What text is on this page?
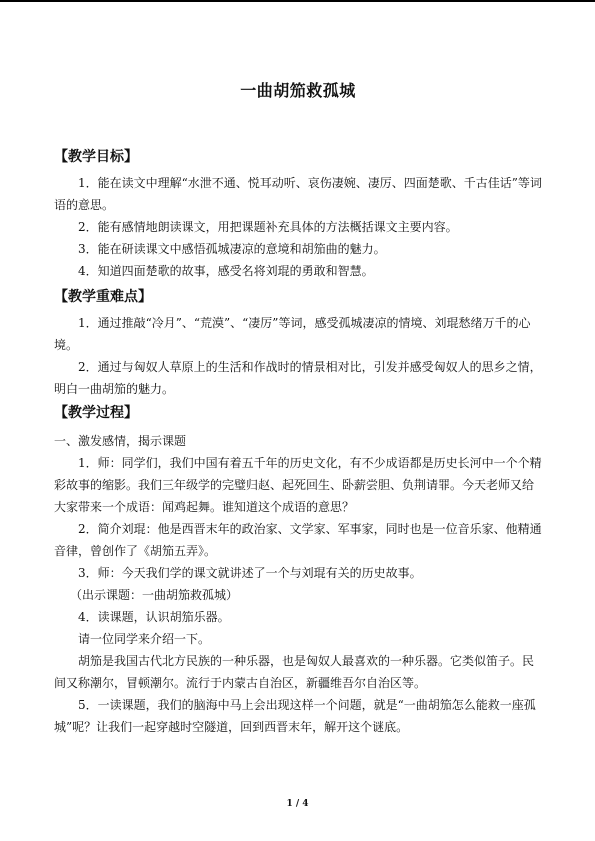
一曲胡笳救孤城
【教学目标】

1．能在读文中理解“水泄不通、悦耳动听、哀伤凄婉、凄厉、四面楚歌、千古佳话”等词语的意思。

2．能有感情地朗读课文，用把课题补充具体的方法概括课文主要内容。

3．能在研读课文中感悟孤城凄凉的意境和胡笳曲的魅力。

4．知道四面楚歌的故事，感受名将刘琨的勇敢和智慧。

【教学重难点】

1．通过推敲“冷月”、“荒漠”、“凄厉”等词，感受孤城凄凉的情境、刘琨愁绪万千的心境。

2．通过与匈奴人草原上的生活和作战时的情景相对比，引发并感受匈奴人的思乡之情，明白一曲胡笳的魅力。

【教学过程】

一、激发感情，揭示课题

1．师：同学们，我们中国有着五千年的历史文化，有不少成语都是历史长河中一个个精彩故事的缩影。我们三年级学的完璧归赵、起死回生、卧薪尝胆、负荆请罪。今天老师又给大家带来一个成语：闻鸡起舞。谁知道这个成语的意思？

2．简介刘琨：他是西晋末年的政治家、文学家、军事家，同时也是一位音乐家、他精通音律，曾创作了《胡笳五弄》。

3．师：今天我们学的课文就讲述了一个与刘琨有关的历史故事。

（出示课题：一曲胡笳救孤城）

4．读课题，认识胡笳乐器。

请一位同学来介绍一下。

胡笳是我国古代北方民族的一种乐器，也是匈奴人最喜欢的一种乐器。它类似笛子。民间又称潮尔，冒顿潮尔。流行于内蒙古自治区，新疆维吾尔自治区等。

5．一读课题，我们的脑海中马上会出现这样一个问题，就是“一曲胡笳怎么能救一座孤城”呢？让我们一起穿越时空隧道，回到西晋末年，解开这个谜底。

1 / 4
